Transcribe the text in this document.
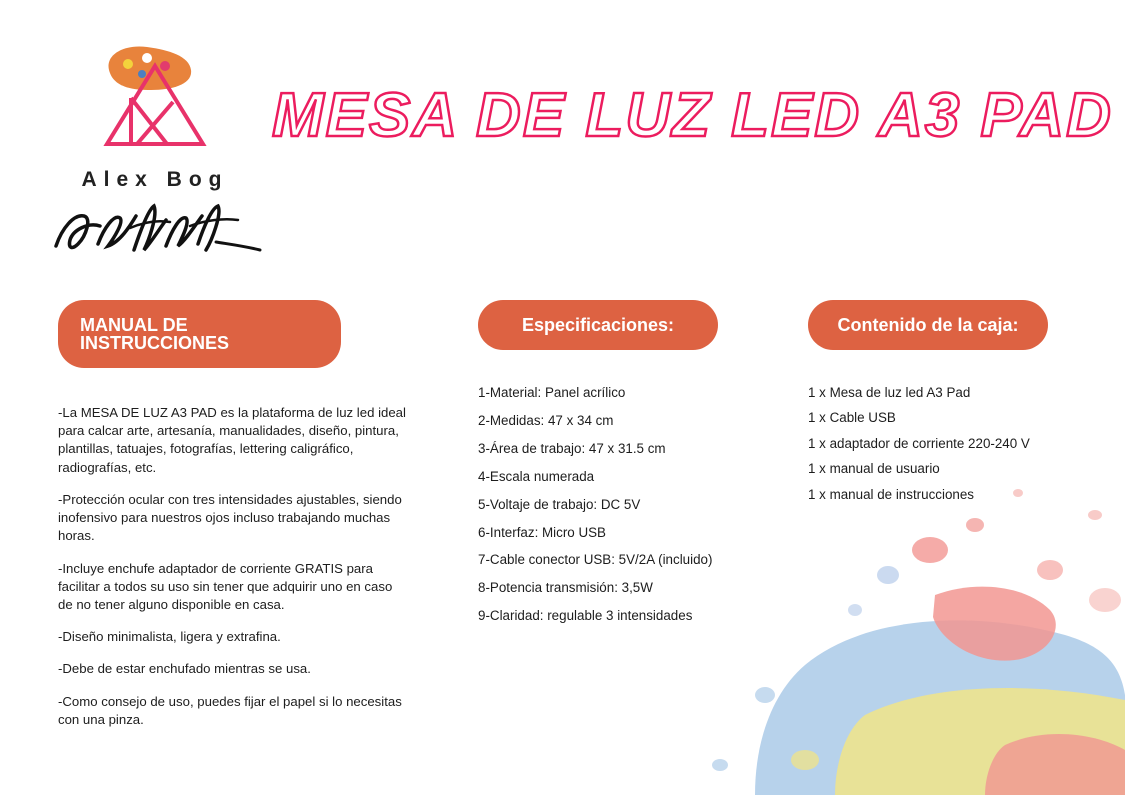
Alex Bog
MESA DE LUZ LED A3 PAD
MANUAL DE INSTRUCCIONES

-La MESA DE LUZ A3 PAD es la plataforma de luz led ideal para calcar arte, artesanía, manualidades, diseño, pintura, plantillas, tatuajes, fotografías, lettering caligráfico, radiografías, etc.

-Protección ocular con tres intensidades ajustables, siendo inofensivo para nuestros ojos incluso trabajando muchas horas.

-Incluye enchufe adaptador de corriente GRATIS para facilitar a todos su uso sin tener que adquirir uno en caso de no tener alguno disponible en casa.

-Diseño minimalista, ligera y extrafina.

-Debe de estar enchufado mientras se usa.

-Como consejo de uso, puedes fijar el papel si lo necesitas con una pinza.

Especificaciones:
1-Material: Panel acrílico
2-Medidas: 47 x 34 cm
3-Área de trabajo: 47 x 31.5 cm
4-Escala numerada
5-Voltaje de trabajo: DC 5V
6-Interfaz: Micro USB
7-Cable conector USB: 5V/2A (incluido)
8-Potencia transmisión: 3,5W
9-Claridad: regulable 3 intensidades
Contenido de la caja:
1 x Mesa de luz led A3 Pad
1 x Cable USB
1 x adaptador de corriente 220-240 V
1 x manual de usuario
1 x manual de instrucciones
